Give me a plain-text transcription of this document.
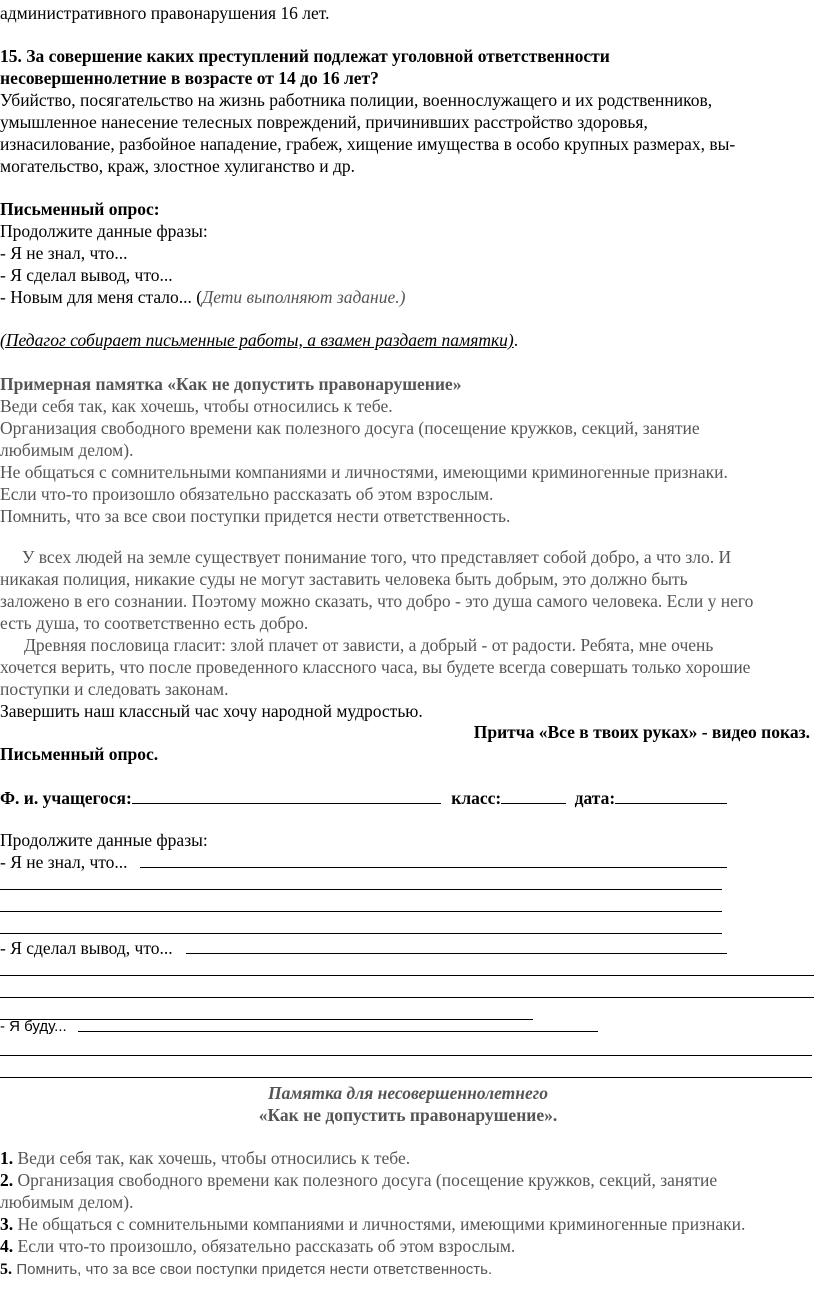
административного правонарушения 16 лет.
15. За совершение каких преступлений подлежат уголовной ответственности
несовершеннолетние в возрасте от 14 до 16 лет?
Убийство, посягательство на жизнь работника полиции, военнослужащего и их родственников,
умышленное нанесение телесных повреждений, причинивших расстройство здоровья,
изнасилование, разбойное нападение, грабеж, хищение имущества в особо крупных размерах, вы-
могательство, краж, злостное хулиганство и др.
Письменный опрос:
Продолжите данные фразы:
- Я не знал, что...
- Я сделал вывод, что...
- Новым для меня стало... (Дети выполняют задание.)
(Педагог собирает письменные работы, а взамен раздает памятки).
Примерная памятка «Как не допустить правонарушение»
Веди себя так, как хочешь, чтобы относились к тебе.
Организация свободного времени как полезного досуга (посещение кружков, секций, занятие
любимым делом).
Не общаться с сомнительными компаниями и личностями, имеющими криминогенные признаки.
Если что-то произошло обязательно рассказать об этом взрослым.
Помнить, что за все свои поступки придется нести ответственность.
У всех людей на земле существует понимание того, что представляет собой добро, а что зло. И
никакая полиция, никакие суды не могут заставить человека быть добрым, это должно быть
заложено в его сознании. Поэтому можно сказать, что добро - это душа самого человека. Если у него
есть душа, то соответственно есть добро.
Древняя пословица гласит: злой плачет от зависти, а добрый - от радости. Ребята, мне очень
хочется верить, что после проведенного классного часа, вы будете всегда совершать только хорошие
поступки и следовать законам.
Завершить наш классный час хочу народной мудростью.
Притча «Все в твоих руках» - видео показ.
Письменный опрос.
Ф. и. учащегося:	класс:	дата:
Продолжите данные фразы:
- Я не знал, что...
- Я сделал вывод, что...
- Я буду...
Памятка для несовершеннолетнего
«Как не допустить правонарушение».
1. Веди себя так, как хочешь, чтобы относились к тебе.
2. Организация свободного времени как полезного досуга (посещение кружков, секций, занятие
любимым делом).
3. Не общаться с сомнительными компаниями и личностями, имеющими криминогенные признаки.
4. Если что-то произошло, обязательно рассказать об этом взрослым.
5. Помнить, что за все свои поступки придется нести ответственность.
